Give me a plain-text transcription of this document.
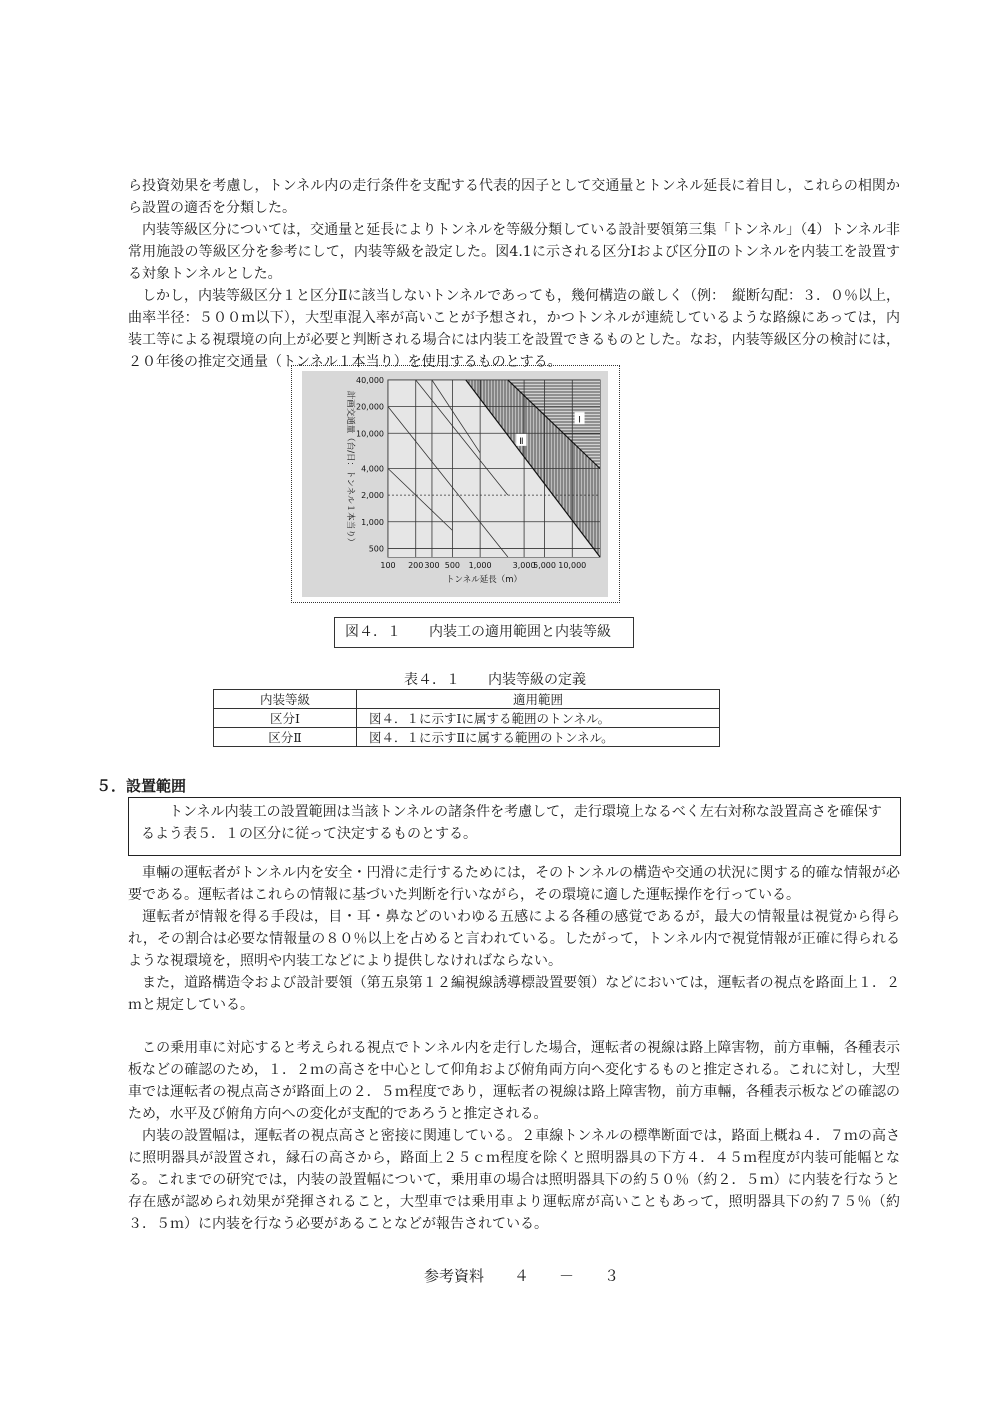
ら投資効果を考慮し，トンネル内の走行条件を支配する代表的因子として交通量とトンネル延長に着目し，これらの相関から設置の適否を分類した。

内装等級区分については，交通量と延長によりトンネルを等級分類している設計要領第三集「トンネル」（4）トンネル非常用施設の等級区分を参考にして，内装等級を設定した。図4.1に示される区分Ⅰおよび区分Ⅱのトンネルを内装工を設置する対象トンネルとした。

しかし，内装等級区分１と区分Ⅱに該当しないトンネルであっても，幾何構造の厳しく（例：　縦断勾配：３．０％以上，曲率半径：５００ｍ以下），大型車混入率が高いことが予想され，かつトンネルが連続しているような路線にあっては，内装工等による視環境の向上が必要と判断される場合には内装工を設置できるものとした。なお，内装等級区分の検討には，２０年後の推定交通量（トンネル１本当り）を使用するものとする。

Ⅰ
Ⅱ
40,000
20,000
10,000
4,000
2,000
1,000
500
100 200 300 500 1,000	3,000
5,000 10,000
トンネル延長（m）
計画交通量（台/日：トンネル１本当り）
図４．１　　内装工の適用範囲と内装等級
表４．１　　内装等級の定義
内装等級	適用範囲
区分Ⅰ	図４．１に示すⅠに属する範囲のトンネル。
区分Ⅱ	図４．１に示すⅡに属する範囲のトンネル。
５．設置範囲

トンネル内装工の設置範囲は当該トンネルの諸条件を考慮して，走行環境上なるべく左右対称な設置高さを確保するよう表５．１の区分に従って決定するものとする。

車輛の運転者がトンネル内を安全・円滑に走行するためには，そのトンネルの構造や交通の状況に関する的確な情報が必要である。運転者はこれらの情報に基づいた判断を行いながら，その環境に適した運転操作を行っている。

運転者が情報を得る手段は，目・耳・鼻などのいわゆる五感による各種の感覚であるが，最大の情報量は視覚から得られ，その割合は必要な情報量の８０％以上を占めると言われている。したがって，トンネル内で視覚情報が正確に得られるような視環境を，照明や内装工などにより提供しなければならない。

また，道路構造令および設計要領（第五泉第１２編視線誘導標設置要領）などにおいては，運転者の視点を路面上１．２ｍと規定している。

この乗用車に対応すると考えられる視点でトンネル内を走行した場合，運転者の視線は路上障害物，前方車輛，各種表示板などの確認のため，１．２ｍの高さを中心として仰角および俯角両方向へ変化するものと推定される。これに対し，大型車では運転者の視点高さが路面上の２．５ｍ程度であり，運転者の視線は路上障害物，前方車輛，各種表示板などの確認のため，水平及び俯角方向への変化が支配的であろうと推定される。

内装の設置幅は，運転者の視点高さと密接に関連している。２車線トンネルの標準断面では，路面上概ね４．７ｍの高さに照明器具が設置され，縁石の高さから，路面上２５ｃｍ程度を除くと照明器具の下方４．４５ｍ程度が内装可能幅となる。これまでの研究では，内装の設置幅について，乗用車の場合は照明器具下の約５０％（約２．５ｍ）に内装を行なうと存在感が認められ効果が発揮されること，大型車では乗用車より運転席が高いこともあって，照明器具下の約７５％（約３．５ｍ）に内装を行なう必要があることなどが報告されている。

参考資料　　４　　－　　３
